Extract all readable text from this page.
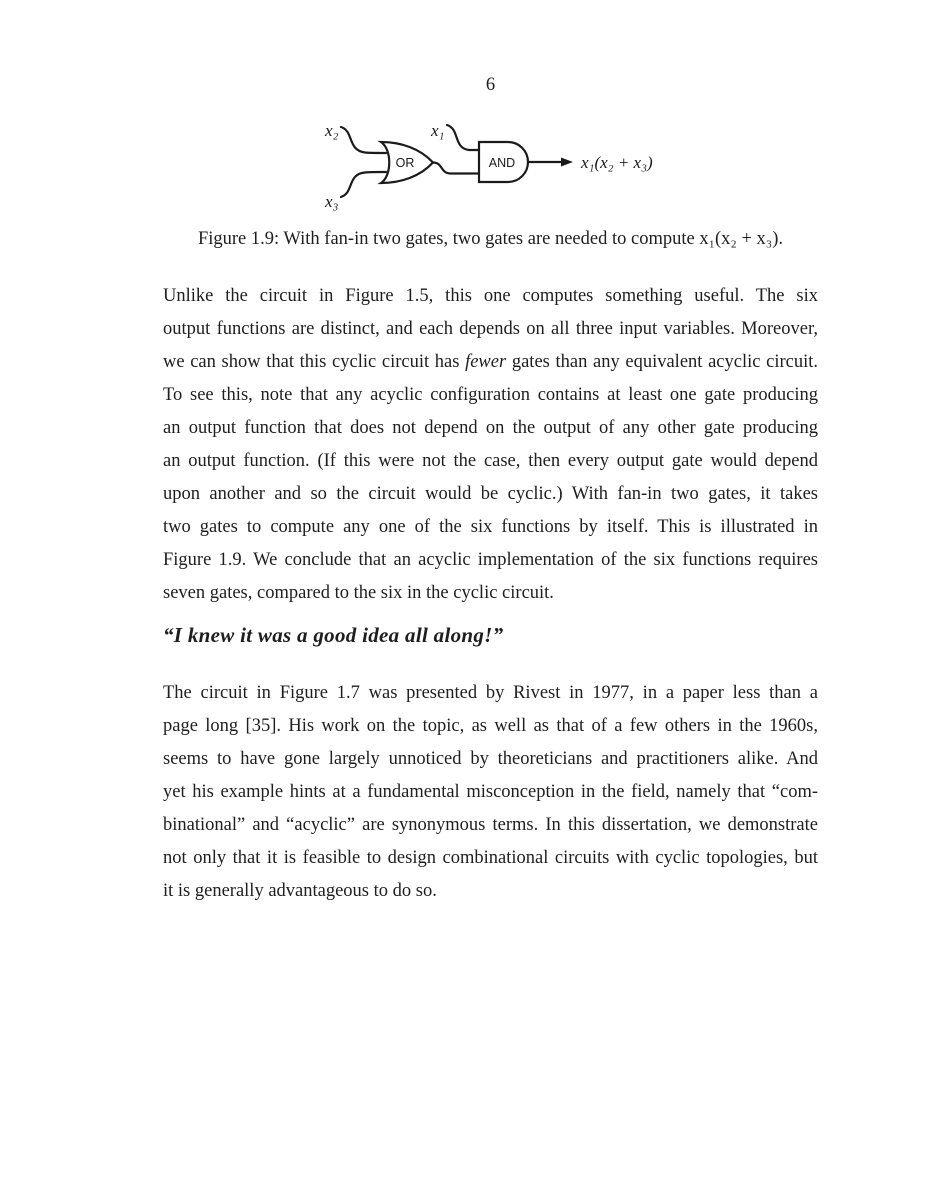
6
x₂
x₃
x₁
OR	AND	x₁(x₂ + x₃)
Figure 1.9: With fan-in two gates, two gates are needed to compute x₁(x₂ + x₃).
Unlike the circuit in Figure 1.5, this one computes something useful. The six
output functions are distinct, and each depends on all three input variables. Moreover,
we can show that this cyclic circuit has fewer gates than any equivalent acyclic circuit.
To see this, note that any acyclic configuration contains at least one gate producing
an output function that does not depend on the output of any other gate producing
an output function. (If this were not the case, then every output gate would depend
upon another and so the circuit would be cyclic.) With fan-in two gates, it takes
two gates to compute any one of the six functions by itself. This is illustrated in
Figure 1.9. We conclude that an acyclic implementation of the six functions requires
seven gates, compared to the six in the cyclic circuit.
“I knew it was a good idea all along!”
The circuit in Figure 1.7 was presented by Rivest in 1977, in a paper less than a
page long [35]. His work on the topic, as well as that of a few others in the 1960s,
seems to have gone largely unnoticed by theoreticians and practitioners alike. And
yet his example hints at a fundamental misconception in the field, namely that “com-
binational” and “acyclic” are synonymous terms. In this dissertation, we demonstrate
not only that it is feasible to design combinational circuits with cyclic topologies, but
it is generally advantageous to do so.
